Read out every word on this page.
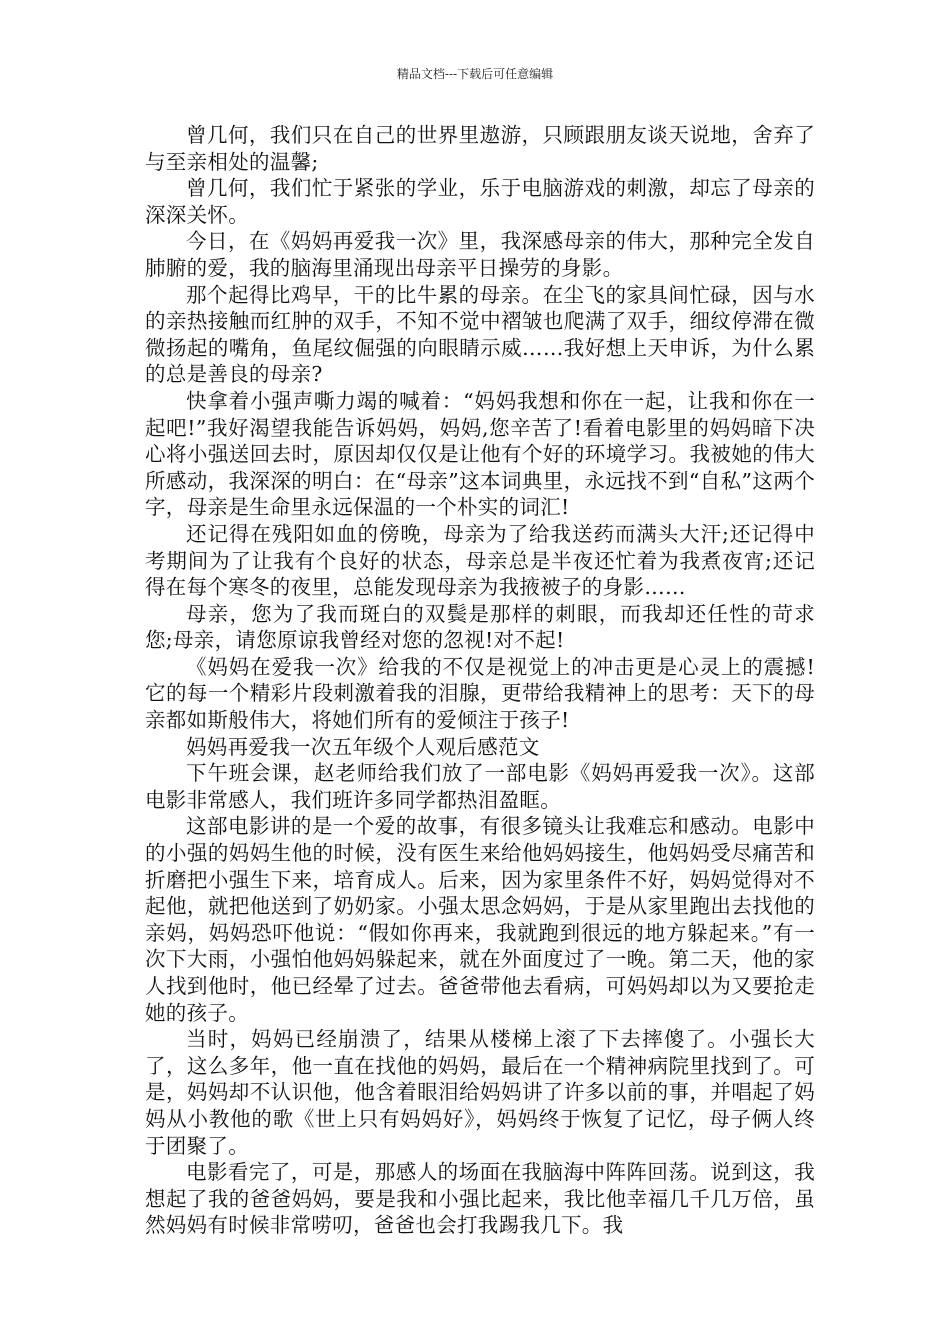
精品文档---下载后可任意编辑

曾几何，我们只在自己的世界里遨游，只顾跟朋友谈天说地，舍弃了与至亲相处的温馨;

曾几何，我们忙于紧张的学业，乐于电脑游戏的刺激，却忘了母亲的深深关怀。

今日，在《妈妈再爱我一次》里，我深感母亲的伟大，那种完全发自肺腑的爱，我的脑海里涌现出母亲平日操劳的身影。

那个起得比鸡早，干的比牛累的母亲。在尘飞的家具间忙碌，因与水的亲热接触而红肿的双手，不知不觉中褶皱也爬满了双手，细纹停滞在微微扬起的嘴角，鱼尾纹倔强的向眼睛示威……我好想上天申诉，为什么累的总是善良的母亲?

快拿着小强声嘶力竭的喊着：“妈妈我想和你在一起，让我和你在一起吧!”我好渴望我能告诉妈妈，妈妈,您辛苦了!看着电影里的妈妈暗下决心将小强送回去时，原因却仅仅是让他有个好的环境学习。我被她的伟大所感动，我深深的明白：在“母亲”这本词典里，永远找不到“自私”这两个字，母亲是生命里永远保温的一个朴实的词汇!

还记得在残阳如血的傍晚，母亲为了给我送药而满头大汗;还记得中考期间为了让我有个良好的状态，母亲总是半夜还忙着为我煮夜宵;还记得在每个寒冬的夜里，总能发现母亲为我掖被子的身影……

母亲，您为了我而斑白的双鬓是那样的刺眼，而我却还任性的苛求您;母亲，请您原谅我曾经对您的忽视!对不起!

《妈妈在爱我一次》给我的不仅是视觉上的冲击更是心灵上的震撼!它的每一个精彩片段刺激着我的泪腺，更带给我精神上的思考：天下的母亲都如斯般伟大，将她们所有的爱倾注于孩子!

妈妈再爱我一次五年级个人观后感范文

下午班会课，赵老师给我们放了一部电影《妈妈再爱我一次》。这部电影非常感人，我们班许多同学都热泪盈眶。

这部电影讲的是一个爱的故事，有很多镜头让我难忘和感动。电影中的小强的妈妈生他的时候，没有医生来给他妈妈接生，他妈妈受尽痛苦和折磨把小强生下来，培育成人。后来，因为家里条件不好，妈妈觉得对不起他，就把他送到了奶奶家。小强太思念妈妈，于是从家里跑出去找他的亲妈，妈妈恐吓他说：“假如你再来，我就跑到很远的地方躲起来。”有一次下大雨，小强怕他妈妈躲起来，就在外面度过了一晚。第二天，他的家人找到他时，他已经晕了过去。爸爸带他去看病，可妈妈却以为又要抢走她的孩子。

当时，妈妈已经崩溃了，结果从楼梯上滚了下去摔傻了。小强长大了，这么多年，他一直在找他的妈妈，最后在一个精神病院里找到了。可是，妈妈却不认识他，他含着眼泪给妈妈讲了许多以前的事，并唱起了妈妈从小教他的歌《世上只有妈妈好》，妈妈终于恢复了记忆，母子俩人终于团聚了。

电影看完了，可是，那感人的场面在我脑海中阵阵回荡。说到这，我想起了我的爸爸妈妈，要是我和小强比起来，我比他幸福几千几万倍，虽然妈妈有时候非常唠叨，爸爸也会打我踢我几下。我
